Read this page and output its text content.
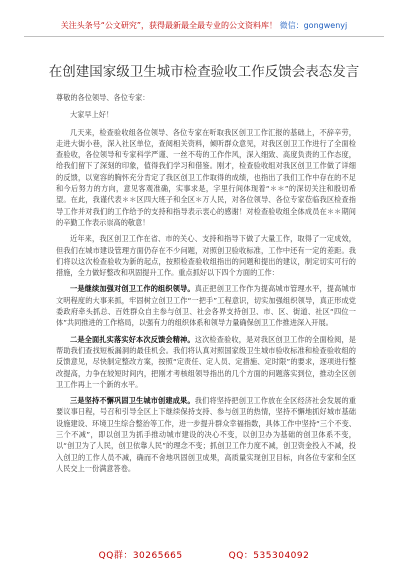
关注头条号“公文研究”，获得最新最全最专业的公文资料库！ 微信：gongwenyj
在创建国家级卫生城市检查验收工作反馈会表态发言

尊敬的各位领导、各位专家：

大家早上好！

几天来，检查验收组各位领导、各位专家在听取我区创卫工作汇报的基础上，不辞辛劳，走进大街小巷，深入社区单位，查阅相关资料，倾听群众意见，对我区创卫工作进行了全面检查验收，各位领导和专家科学严谨、一丝不苟的工作作风，深入细致、高度负责的工作态度，给我们留下了深刻的印象，值得我们学习和借鉴。刚才，检查验收组对我区创卫工作做了详细的反馈，以宽容的胸怀充分肯定了我区创卫工作取得的成绩，也指出了我们工作中存在的不足和今后努力的方向，意见客观准确，实事求是，字里行间体现着“＊＊”的深切关注和殷切希望。在此，我谨代表＊＊区四大班子和全区＊万人民，对各位领导、各位专家莅临我区检查指导工作并对我们的工作给予的支持和指导表示衷心的感谢！对检查验收组全体成员在＊＊期间的辛勤工作表示崇高的敬意！

近年来，我区创卫工作在省、市的关心、支持和指导下做了大量工作，取得了一定成效，但我们在城市建设管理方面仍存在不少问题，对照创卫验收标准，工作中还有一定的差距。我们将以这次检查验收为新的起点，按照检查验收组指出的问题和提出的建议，制定切实可行的措施，全力做好整改和巩固提升工作。重点抓好以下四个方面的工作：

一是继续加强对创卫工作的组织领导。真正把创卫工作作为提高城市管理水平，提高城市文明程度的大事来抓，牢固树立创卫工作“一把手”工程意识，切实加强组织领导，真正形成党委政府牵头抓总、百姓群众自主参与创卫、社会各界支持创卫、市、区、街道、社区“四位一体”共同推进的工作格局，以强有力的组织体系和领导力量确保创卫工作推进深入开展。

二是全面扎实落实好本次反馈会精神。这次检查验收，是对我区创卫工作的全面检阅，是帮助我们查找短板漏洞的最佳机会。我们将认真对照国家级卫生城市验收标准和检查验收组的反馈意见，尽快制定整改方案，按照“定责任、定人员、定措施、定时限”的要求，逐项进行整改提高，力争在较短时间内，把刚才考核组领导指出的几个方面的问题落实到位，推动全区创卫工作再上一个新的水平。

三是坚持不懈巩固卫生城市创建成果。我们将坚持把创卫工作放在全区经济社会发展的重要议事日程，号召和引导全区上下继续保持支持、参与创卫的热情，坚持不懈地抓好城市基础设施建设、环境卫生综合整治等工作，进一步提升群众幸福指数，具体工作中坚持“三个不变、三个不减”，即以创卫为抓手推动城市建设的决心不变，以创卫办为基础的创卫体系不变，以“创卫为了人民，创卫依靠人民”的理念不变；抓创卫工作力度不减，创卫资金投入不减，投入创卫的工作人员不减，确而不舍地巩固创卫成果，高质量实现创卫目标，向各位专家和全区人民交上一份满意答卷。

QQ群：30265665	QQ：535304092
